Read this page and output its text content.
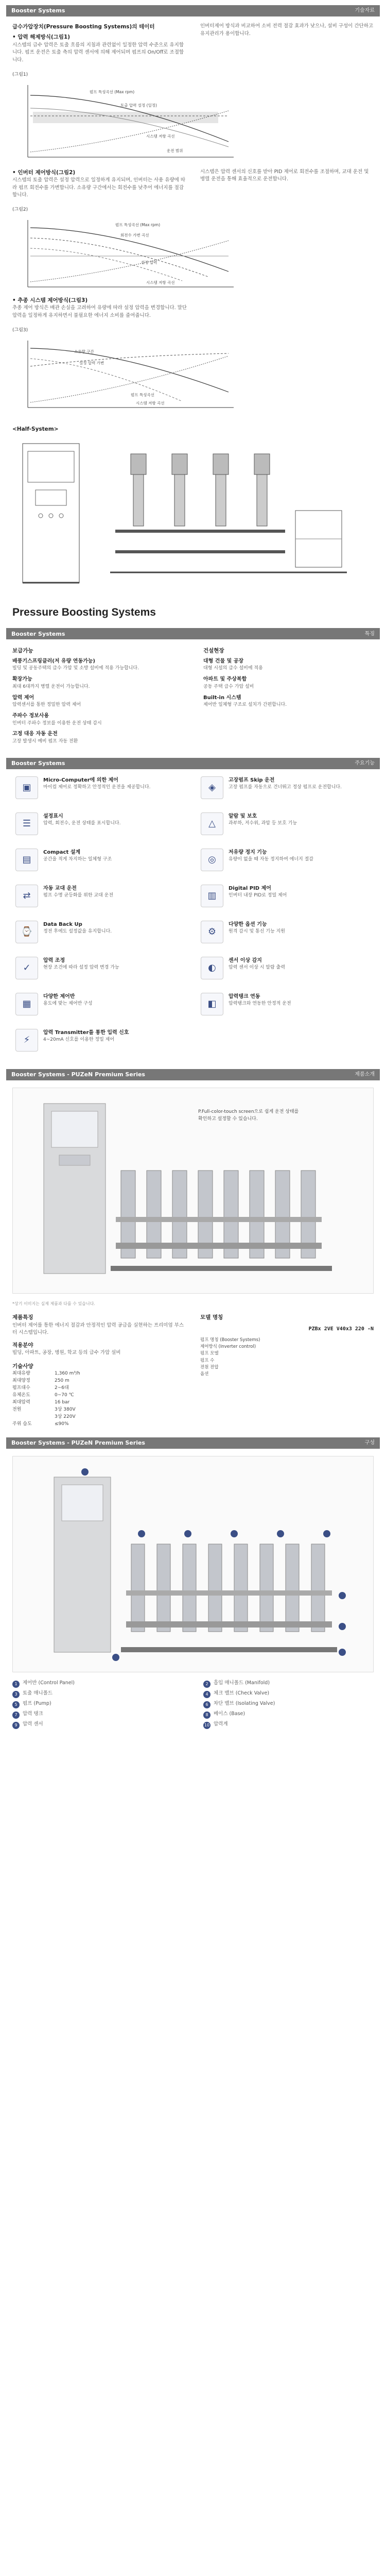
Booster Systems	기술자료
급수가압장치(Pressure Boosting Systems)의 테이터
• 압력 해제방식(그림1)
시스템의 급수 압력은 토출 흐름의 지침과 관련없이 일정한 압력 수준으로 유지합니다. 펌프 운전은 토출 측의 압력 센서에 의해 제어되며 펌프의 On/Off로 조절합니다.
인버터제어 방식과 비교하여 소비 전력 절감 효과가 낮으나, 설비 구성이 간단하고 유지관리가 용이합니다.
(그림1)
펌프 특성곡선 (Max rpm)
토출 압력 설정 (일정)
시스템 저항 곡선
운전 범위
• 인버터 제어방식(그림2)
시스템의 토출 압력은 설정 압력으로 일정하게 유지되며, 인버터는 사용 유량에 따라 펌프 회전수를 가변합니다. 소유량 구간에서는 회전수를 낮추어 에너지를 절감합니다.
시스템은 압력 센서의 신호를 받아 PID 제어로 회전수를 조절하며, 교대 운전 및 병렬 운전을 통해 효율적으로 운전합니다.
(그림2)
펌프 특성곡선 (Max rpm)
회전수 가변 곡선
설정 압력
시스템 저항 곡선
• 추종 시스템 제어방식(그림3)
추종 제어 방식은 배관 손실을 고려하여 유량에 따라 설정 압력을 변경합니다. 말단 압력을 일정하게 유지하면서 불필요한 에너지 소비를 줄여줍니다.
(그림3)
소유량 구간
설정 압력 가변
펌프 특성곡선
시스템 저항 곡선
<Half-System>
Pressure Boosting Systems
Booster Systems	특징
보급가능
배풍기스프링클러(저 유량 연동가능)
빌딩 및 공동주택의 급수 가압 및 소방 설비에 적용 가능합니다.
확장가능
최대 6대까지 병렬 운전이 가능합니다.
압력 제어
압력센서를 통한 정밀한 압력 제어
주파수 정보사용
인버터 주파수 정보를 이용한 운전 상태 감시
고정 대응 자동 운전
고장 발생시 예비 펌프 자동 전환
건설현장
대형 건물 및 공장
대형 시설의 급수 설비에 적용
아파트 및 주상복합
공동 주택 급수 가압 설비
Built-in 시스템
제어반 일체형 구조로 설치가 간편합니다.
Booster Systems	주요기능
▣
Micro-Computer에 의한 제어
마이컴 제어로 정확하고 안정적인 운전을 제공합니다.	◈
고장펌프 Skip 운전
고장 펌프를 자동으로 건너뛰고 정상 펌프로 운전합니다.
☰
설정표시
압력, 회전수, 운전 상태를 표시합니다.	△
알람 및 보호
과부하, 저수위, 과압 등 보호 기능
▤
Compact 설계
공간을 적게 차지하는 일체형 구조	◎
저유량 정지 기능
유량이 없을 때 자동 정지하여 에너지 절감
⇄
자동 교대 운전
펌프 수명 균등화를 위한 교대 운전	▥
Digital PID 제어
인버터 내장 PID로 정밀 제어
⌚
Data Back Up
정전 후에도 설정값을 유지합니다.	⚙
다양한 옵션 기능
원격 감시 및 통신 기능 지원
✓
압력 조정
현장 조건에 따라 설정 압력 변경 가능	◐
센서 이상 감지
압력 센서 이상 시 알람 출력
▦
다양한 제어반
용도에 맞는 제어반 구성	◧
압력탱크 연동
압력탱크와 연동한 안정적 운전
⚡
압력 Transmitter를 통한 입력 신호
4~20mA 신호를 이용한 정밀 제어
Booster Systems - PUZeN Premium Series	제품소개
P.Full-color-touch screen으로 쉽게 운전 상태를 확인하고 설정할 수 있습니다.
*상기 이미지는 실제 제품과 다를 수 있습니다.
제품특징
인버터 제어를 통한 에너지 절감과 안정적인 압력 공급을 실현하는 프리미엄 부스터 시스템입니다.
적용분야
빌딩, 아파트, 공장, 병원, 학교 등의 급수 가압 설비
기술사양
최대유량	1,360 m³/h
최대양정	250 m
펌프대수	2~6대
유체온도	0~70 ℃
최대압력	16 bar
전원	3상 380V
3상 220V
주위 습도	≤90%
모델 명칭
PZBx 2VE V40x3 220 -N
펌프 명칭 (Booster Systems)
제어방식 (Inverter control)
펌프 모델
펌프 수
전원 전압
옵션
Booster Systems - PUZeN Premium Series	구성
1	제어반 (Control Panel)	2	흡입 매니폴드 (Manifold)
3	토출 매니폴드	4	체크 밸브 (Check Valve)
5	펌프 (Pump)	6	차단 밸브 (Isolating Valve)
7	압력 탱크	8	베이스 (Base)
9	압력 센서	10 압력계
